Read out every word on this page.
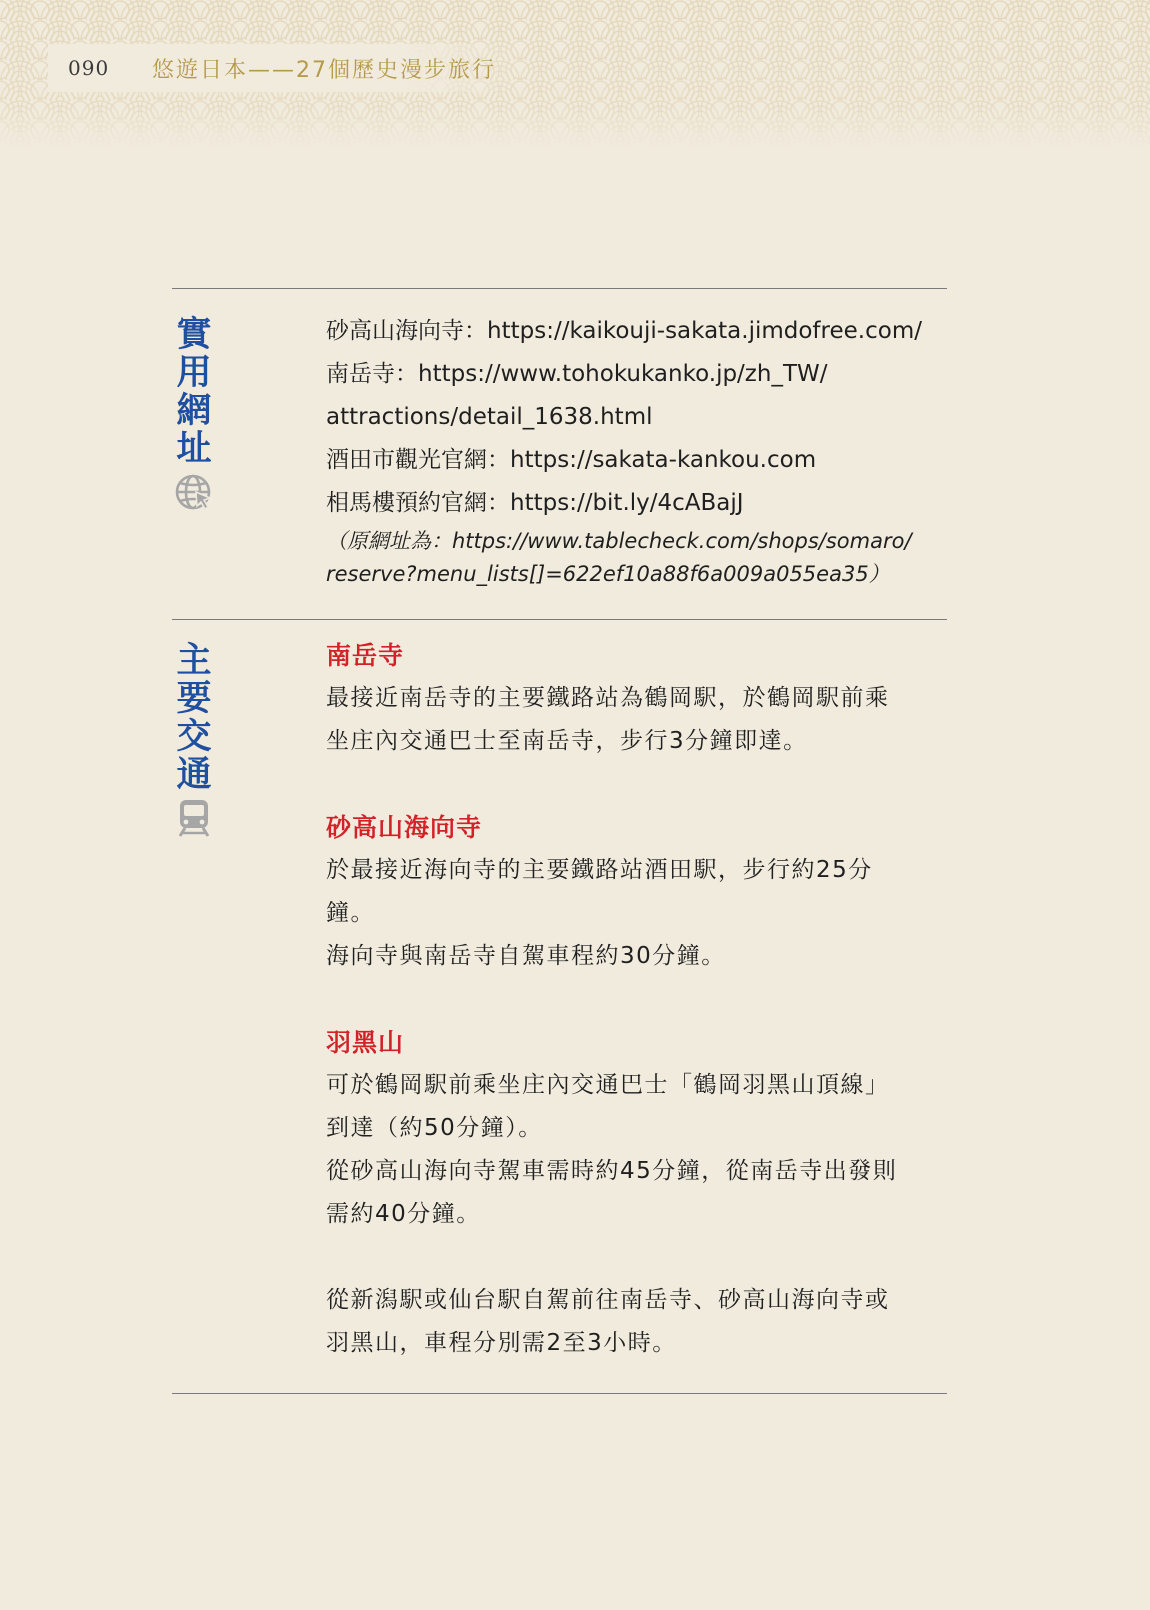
090 悠遊日本——27個歷史漫步旅行
實
用
網
址
砂高山海向寺：https://kaikouji-sakata.jimdofree.com/
南岳寺：https://www.tohokukanko.jp/zh_TW/
attractions/detail_1638.html
酒田市觀光官網：https://sakata-kankou.com
相馬樓預約官網：https://bit.ly/4cABajJ
（原網址為：https://www.tablecheck.com/shops/somaro/
reserve?menu_lists[]=622ef10a88f6a009a055ea35）
主
要
交
通
南岳寺
最接近南岳寺的主要鐵路站為鶴岡駅，於鶴岡駅前乘
坐庄內交通巴士至南岳寺，步行3分鐘即達。
砂高山海向寺
於最接近海向寺的主要鐵路站酒田駅，步行約25分
鐘。
海向寺與南岳寺自駕車程約30分鐘。
羽黑山
可於鶴岡駅前乘坐庄內交通巴士「鶴岡羽黑山頂線」
到達（約50分鐘）。
從砂高山海向寺駕車需時約45分鐘，從南岳寺出發則
需約40分鐘。
從新潟駅或仙台駅自駕前往南岳寺、砂高山海向寺或
羽黑山，車程分別需2至3小時。
